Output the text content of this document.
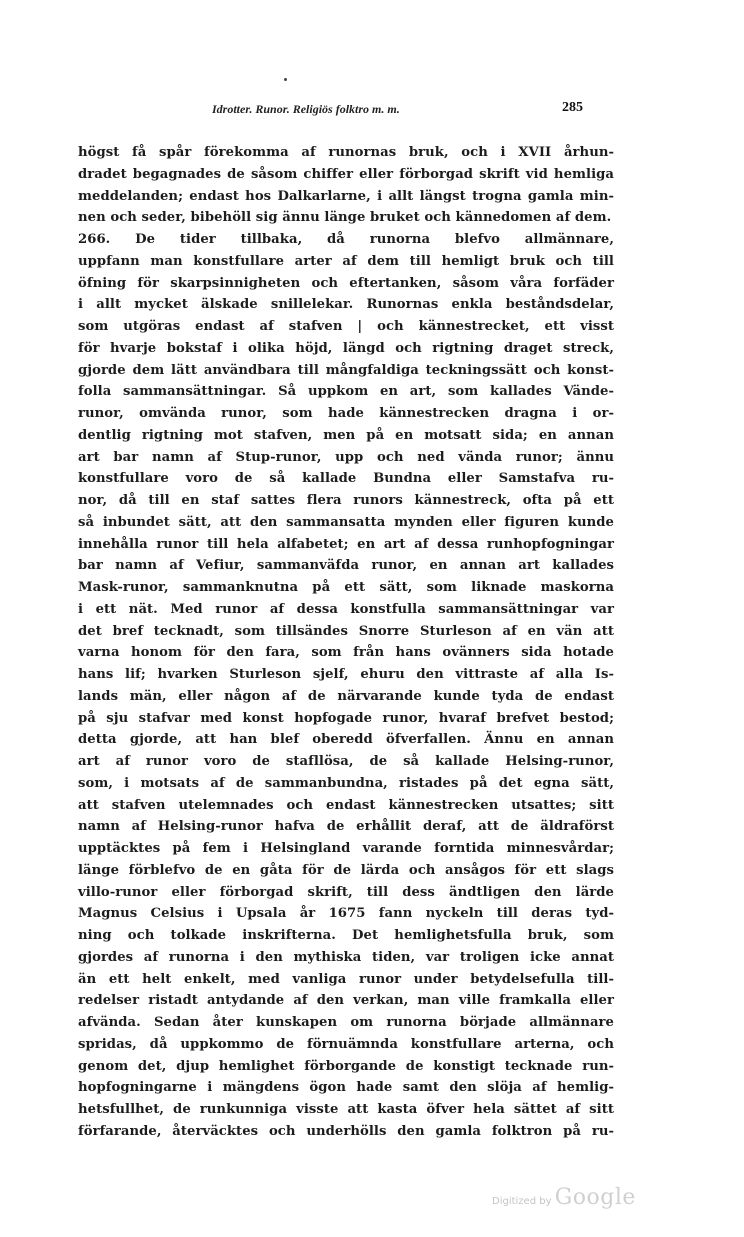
Idrotter. Runor. Religiös folktro m. m.	285
högst få spår förekomma af runornas bruk, och i XVII århun-
dradet begagnades de såsom chiffer eller förborgad skrift vid hemliga
meddelanden; endast hos Dalkarlarne, i allt längst trogna gamla min-
nen och seder, bibehöll sig ännu länge bruket och kännedomen af dem.
266. De tider tillbaka, då runorna blefvo allmännare,
uppfann man konstfullare arter af dem till hemligt bruk och till
öfning för skarpsinnigheten och eftertanken, såsom våra forfäder
i allt mycket älskade snillelekar. Runornas enkla beståndsdelar,
som utgöras endast af stafven | och kännestrecket, ett visst
för hvarje bokstaf i olika höjd, längd och rigtning draget streck,
gjorde dem lätt användbara till mångfaldiga teckningssätt och konst-
folla sammansättningar. Så uppkom en art, som kallades Vände-
runor, omvända runor, som hade kännestrecken dragna i or-
dentlig rigtning mot stafven, men på en motsatt sida; en annan
art bar namn af Stup-runor, upp och ned vända runor; ännu
konstfullare voro de så kallade Bundna eller Samstafva ru-
nor, då till en staf sattes flera runors kännestreck, ofta på ett
så inbundet sätt, att den sammansatta mynden eller figuren kunde
innehålla runor till hela alfabetet; en art af dessa runhopfogningar
bar namn af Vefiur, sammanväfda runor, en annan art kallades
Mask-runor, sammanknutna på ett sätt, som liknade maskorna
i ett nät. Med runor af dessa konstfulla sammansättningar var
det bref tecknadt, som tillsändes Snorre Sturleson af en vän att
varna honom för den fara, som från hans ovänners sida hotade
hans lif; hvarken Sturleson sjelf, ehuru den vittraste af alla Is-
lands män, eller någon af de närvarande kunde tyda de endast
på sju stafvar med konst hopfogade runor, hvaraf brefvet bestod;
detta gjorde, att han blef oberedd öfverfallen. Ännu en annan
art af runor voro de stafllösa, de så kallade Helsing-runor,
som, i motsats af de sammanbundna, ristades på det egna sätt,
att stafven utelemnades och endast kännestrecken utsattes; sitt
namn af Helsing-runor hafva de erhållit deraf, att de äldraförst
upptäcktes på fem i Helsingland varande forntida minnesvårdar;
länge förblefvo de en gåta för de lärda och ansågos för ett slags
villo-runor eller förborgad skrift, till dess ändtligen den lärde
Magnus Celsius i Upsala år 1675 fann nyckeln till deras tyd-
ning och tolkade inskrifterna. Det hemlighetsfulla bruk, som
gjordes af runorna i den mythiska tiden, var troligen icke annat
än ett helt enkelt, med vanliga runor under betydelsefulla till-
redelser ristadt antydande af den verkan, man ville framkalla eller
afvända. Sedan åter kunskapen om runorna började allmännare
spridas, då uppkommo de förnuämnda konstfullare arterna, och
genom det, djup hemlighet förborgande de konstigt tecknade run-
hopfogningarne i mängdens ögon hade samt den slöja af hemlig-
hetsfullhet, de runkunniga visste att kasta öfver hela sättet af sitt
förfarande, återväcktes och underhölls den gamla folktron på ru-
Digitized by Google
